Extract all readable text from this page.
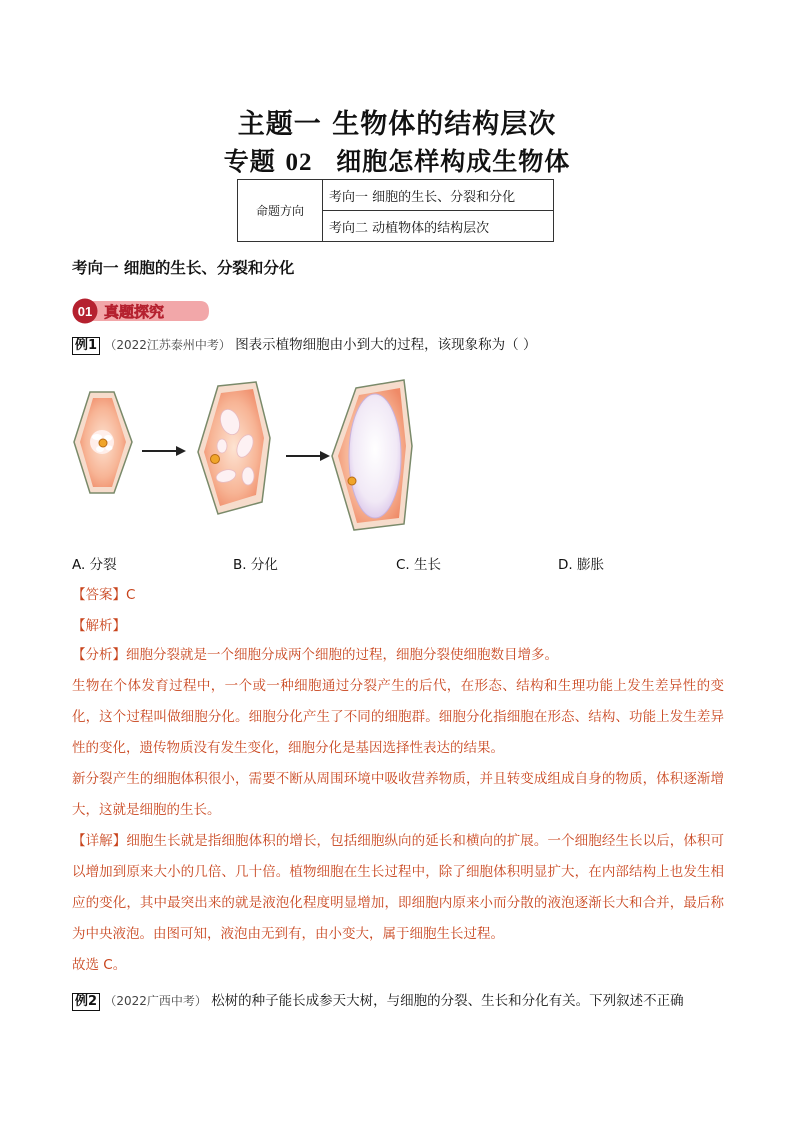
主题一 生物体的结构层次
专题 02 细胞怎样构成生物体
命题方向	考向一 细胞的生长、分裂和分化
考向二 动植物体的结构层次
考向一 细胞的生长、分裂和分化
01 真题探究
例1 （2022江苏泰州中考） 图表示植物细胞由小到大的过程，该现象称为（ ）
A. 分裂	B. 分化	C. 生长	D. 膨胀
【答案】C
【解析】
【分析】细胞分裂就是一个细胞分成两个细胞的过程，细胞分裂使细胞数目增多。
生物在个体发育过程中，一个或一种细胞通过分裂产生的后代，在形态、结构和生理功能上发生差异性的变化，这个过程叫做细胞分化。细胞分化产生了不同的细胞群。细胞分化指细胞在形态、结构、功能上发生差异性的变化，遗传物质没有发生变化，细胞分化是基因选择性表达的结果。
新分裂产生的细胞体积很小，需要不断从周围环境中吸收营养物质，并且转变成组成自身的物质，体积逐渐增大，这就是细胞的生长。
【详解】细胞生长就是指细胞体积的增长，包括细胞纵向的延长和横向的扩展。一个细胞经生长以后，体积可以增加到原来大小的几倍、几十倍。植物细胞在生长过程中，除了细胞体积明显扩大，在内部结构上也发生相应的变化，其中最突出来的就是液泡化程度明显增加，即细胞内原来小而分散的液泡逐渐长大和合并，最后称为中央液泡。由图可知，液泡由无到有，由小变大，属于细胞生长过程。
故选 C。
例2 （2022广西中考） 松树的种子能长成参天大树，与细胞的分裂、生长和分化有关。下列叙述不正确
